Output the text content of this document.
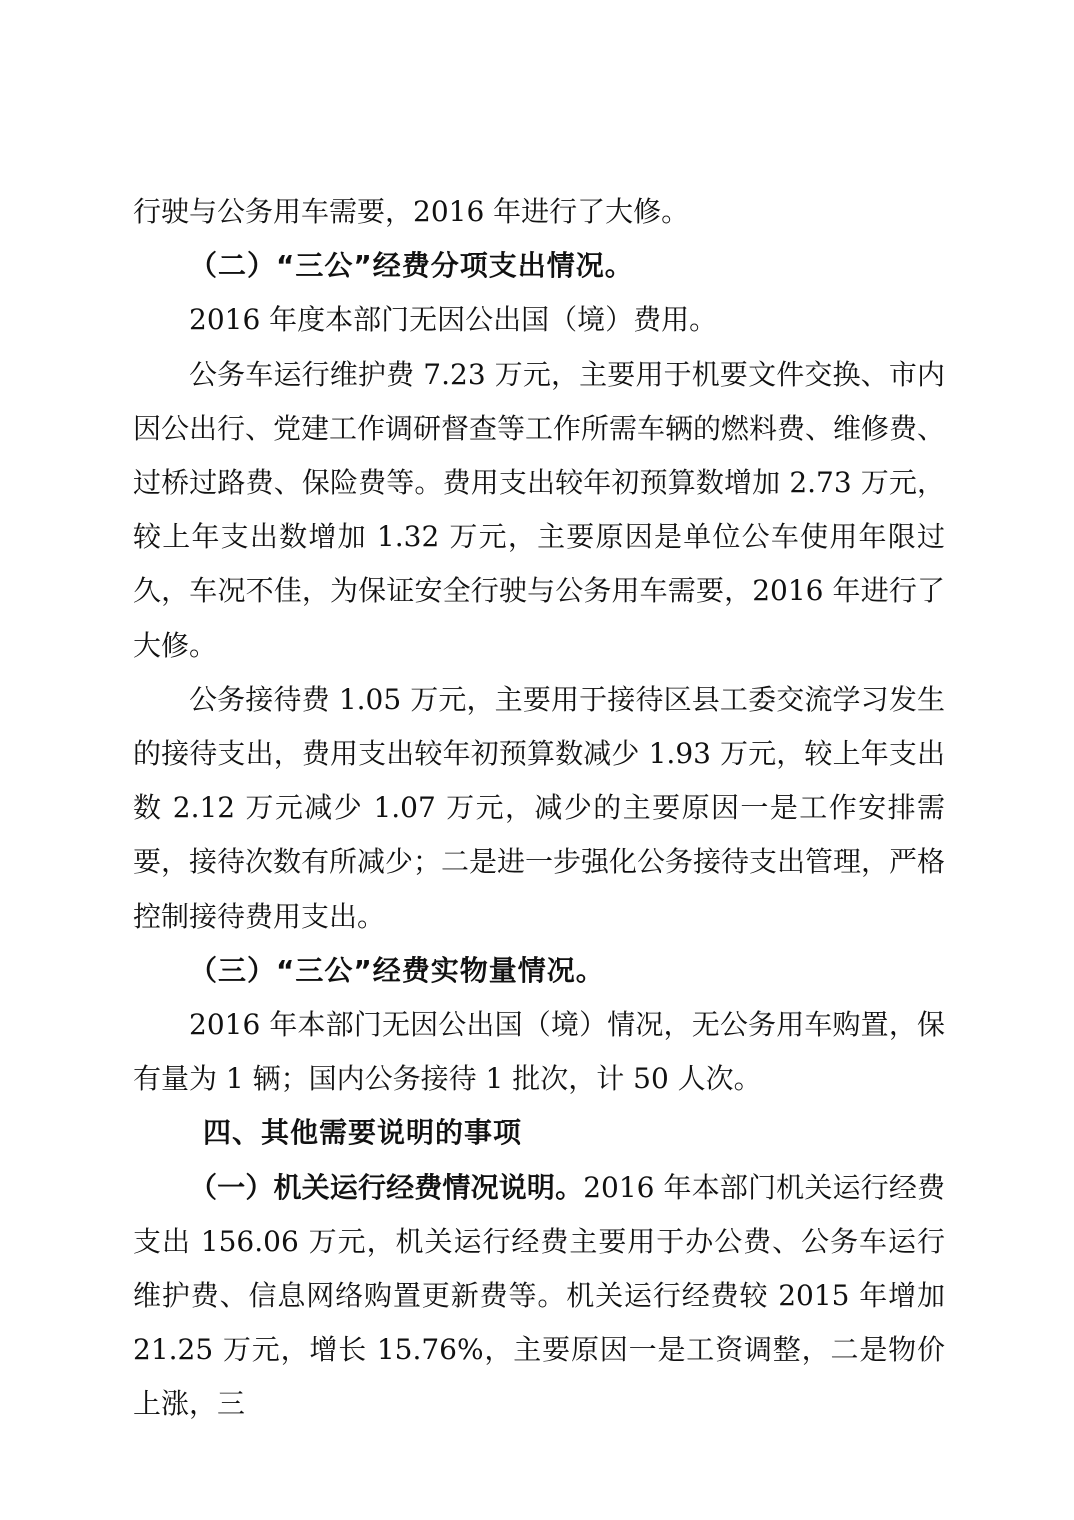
行驶与公务用车需要，2016 年进行了大修。

（二）“三公”经费分项支出情况。

2016 年度本部门无因公出国（境）费用。

公务车运行维护费 7.23 万元，主要用于机要文件交换、市内因公出行、党建工作调研督查等工作所需车辆的燃料费、维修费、过桥过路费、保险费等。费用支出较年初预算数增加 2.73 万元，较上年支出数增加 1.32 万元，主要原因是单位公车使用年限过久，车况不佳，为保证安全行驶与公务用车需要，2016 年进行了大修。

公务接待费 1.05 万元，主要用于接待区县工委交流学习发生的接待支出，费用支出较年初预算数减少 1.93 万元，较上年支出数 2.12 万元减少 1.07 万元，减少的主要原因一是工作安排需要，接待次数有所减少；二是进一步强化公务接待支出管理，严格控制接待费用支出。

（三）“三公”经费实物量情况。

2016 年本部门无因公出国（境）情况，无公务用车购置，保有量为 1 辆；国内公务接待 1 批次，计 50 人次。

四、其他需要说明的事项

（一）机关运行经费情况说明。2016 年本部门机关运行经费支出 156.06 万元，机关运行经费主要用于办公费、公务车运行维护费、信息网络购置更新费等。机关运行经费较 2015 年增加 21.25 万元，增长 15.76%，主要原因一是工资调整，二是物价上涨，三
